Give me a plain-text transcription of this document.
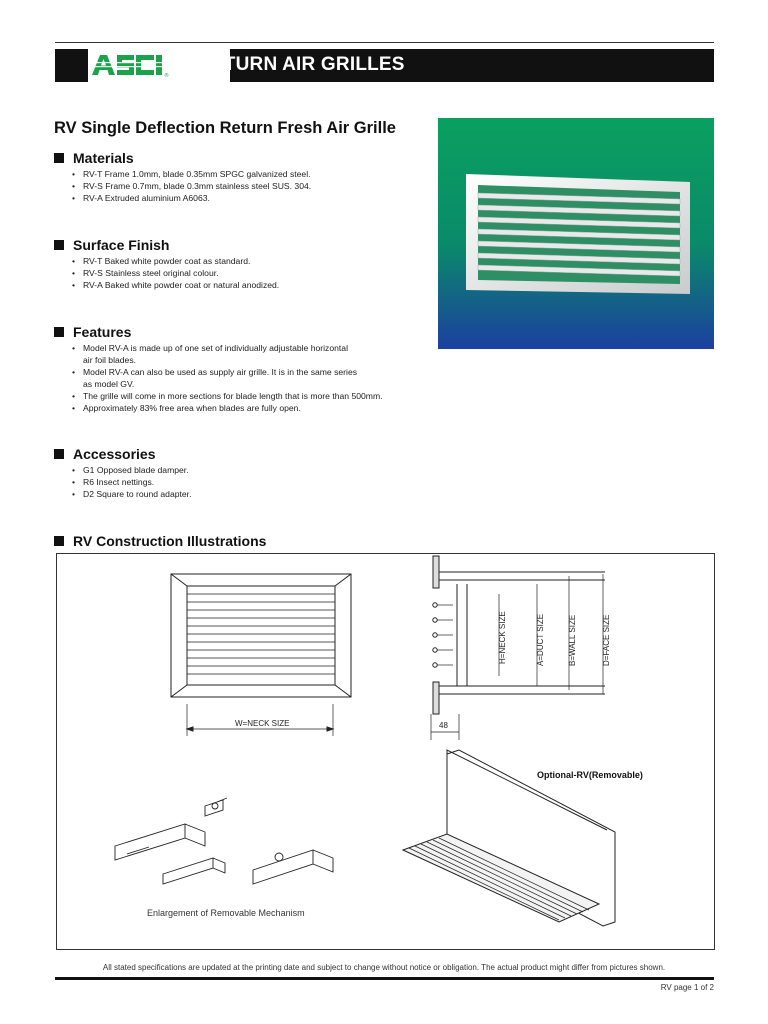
®
RETURN AIR GRILLES
RV Single Deflection Return Fresh Air Grille
Materials
• RV-T Frame 1.0mm, blade 0.35mm SPGC galvanized steel.
• RV-S Frame 0.7mm, blade 0.3mm stainless steel SUS. 304.
• RV-A Extruded aluminium A6063.
Surface Finish
• RV-T Baked white powder coat as standard.
• RV-S Stainless steel original colour.
• RV-A Baked white powder coat or natural anodized.
Features
• Model RV-A is made up of one set of individually adjustable horizontal
air foil blades.
• Model RV-A can also be used as supply air grille. It is in the same series
as model GV.
• The grille will come in more sections for blade length that is more than 500mm.
• Approximately 83% free area when blades are fully open.
Accessories
• G1 Opposed blade damper.
• R6 Insect nettings.
• D2 Square to round adapter.
RV Construction Illustrations
W=NECK SIZE	48
H=NECK SIZE	A=DUCT SIZE	B=WALL SIZE	D=FACE SIZE
Optional-RV(Removable)
Enlargement of Removable Mechanism
All stated specifications are updated at the printing date and subject to change without notice or obligation. The actual product might differ from pictures shown.
RV page 1 of 2
